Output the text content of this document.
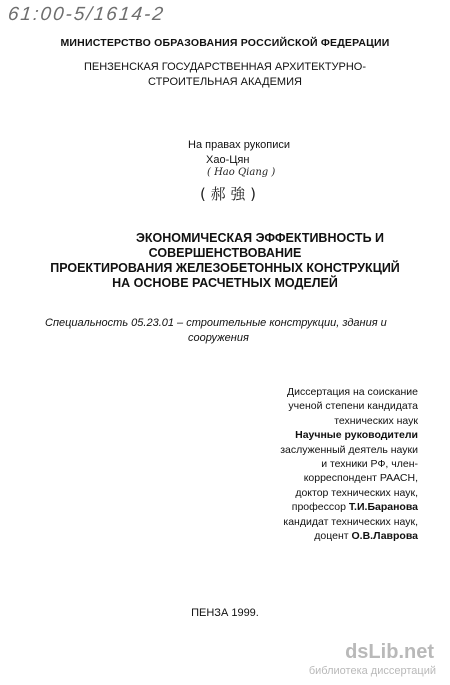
61:00-5/1614-2
МИНИСТЕРСТВО ОБРАЗОВАНИЯ РОССИЙСКОЙ ФЕДЕРАЦИИ
ПЕНЗЕНСКАЯ ГОСУДАРСТВЕННАЯ АРХИТЕКТУРНО-
СТРОИТЕЛЬНАЯ АКАДЕМИЯ
На правах рукописи
Хао-Цян
( Hao Qiang )
( 郝 強 )
ЭКОНОМИЧЕСКАЯ ЭФФЕКТИВНОСТЬ И
СОВЕРШЕНСТВОВАНИЕ
ПРОЕКТИРОВАНИЯ ЖЕЛЕЗОБЕТОННЫХ КОНСТРУКЦИЙ
НА ОСНОВЕ РАСЧЕТНЫХ МОДЕЛЕЙ
Специальность 05.23.01 – строительные конструкции, здания и
сооружения
Диссертация на соискание
ученой степени кандидата
технических наук
Научные руководители
заслуженный деятель науки
и техники РФ, член-
корреспондент РААСН,
доктор технических наук,
профессор Т.И.Баранова
кандидат технических наук,
доцент О.В.Лаврова
ПЕНЗА 1999.
dsLib.net
библиотека диссертаций
